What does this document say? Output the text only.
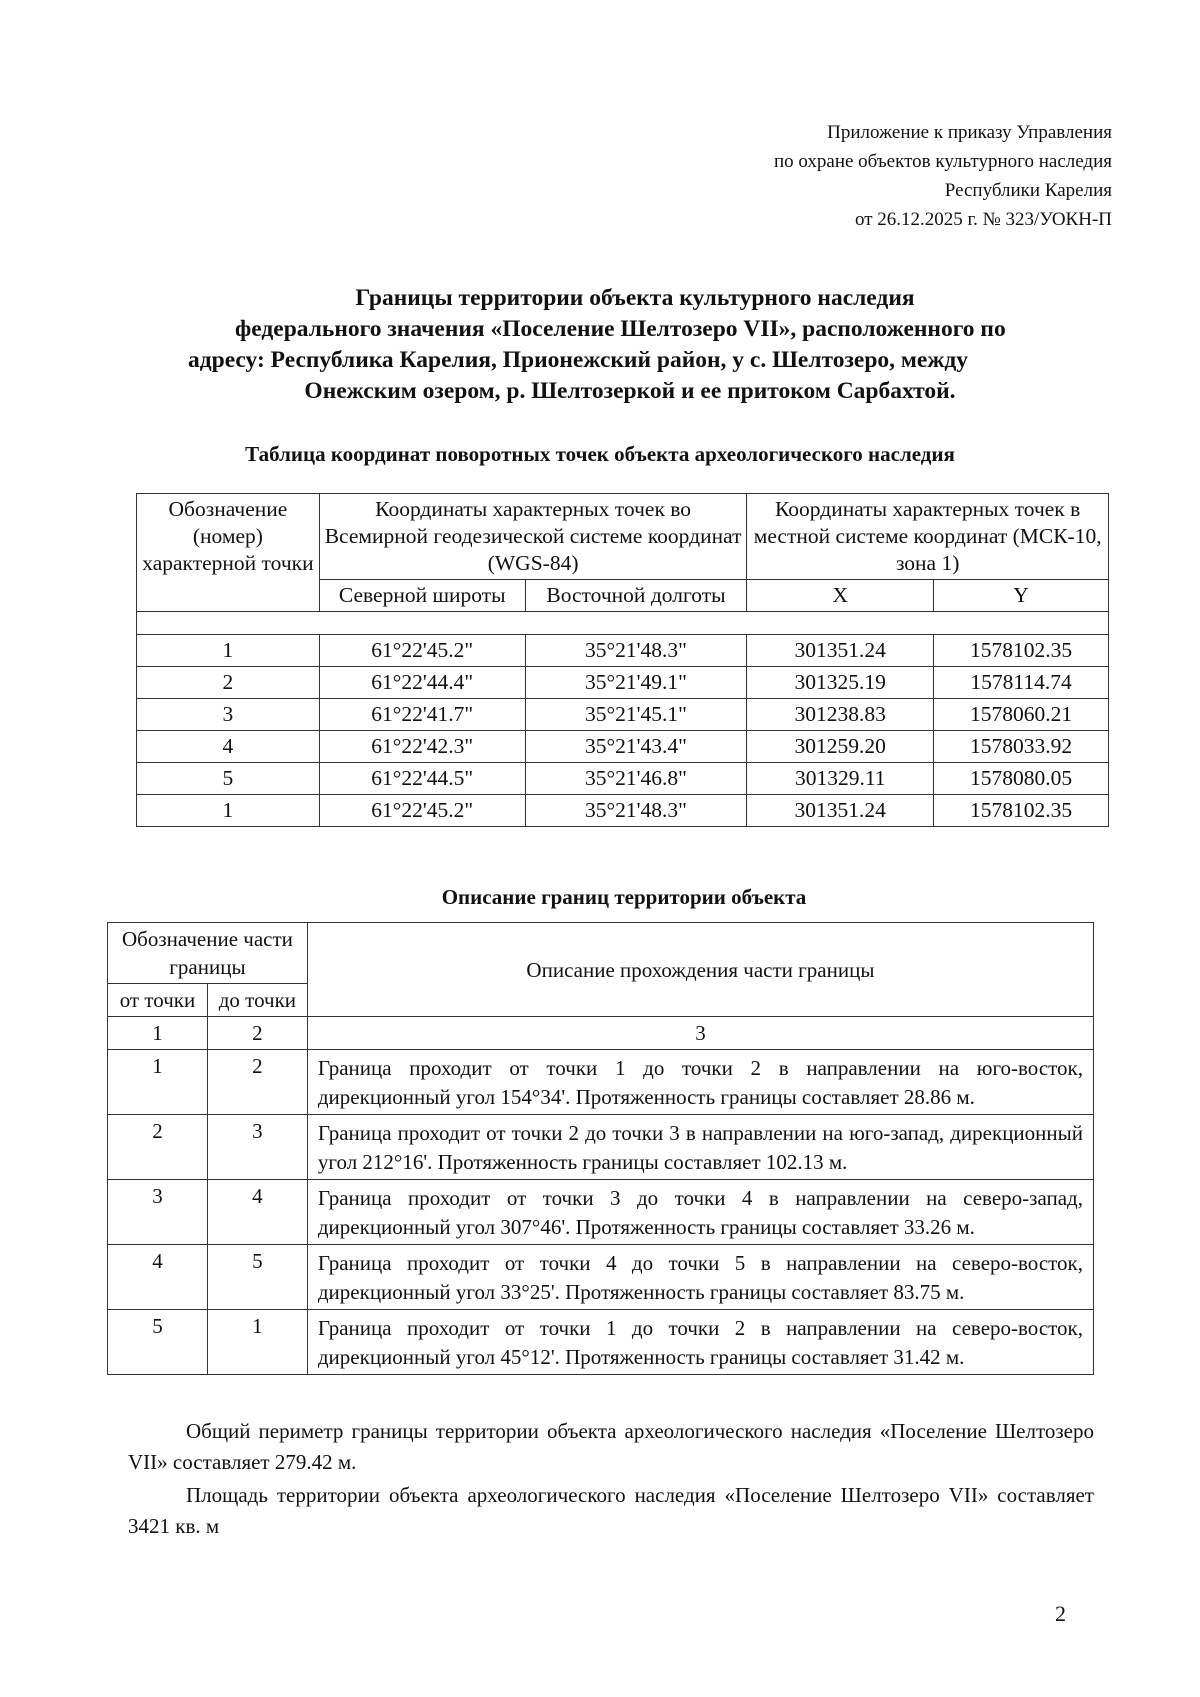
Приложение к приказу Управления
по охране объектов культурного наследия
Республики Карелия
от 26.12.2025 г. № 323/УОКН-П
Границы территории объекта культурного наследия
федерального значения «Поселение Шелтозеро VII», расположенного по
адресу: Республика Карелия, Прионежский район, у с. Шелтозеро, между
Онежским озером, р. Шелтозеркой и ее притоком Сарбахтой.
Таблица координат поворотных точек объекта археологического наследия
Обозначение (номер) характерной точки	Координаты характерных точек во Всемирной геодезической системе координат (WGS-84)		Координаты характерных точек в местной системе координат (МСК-10, зона 1)	
	Северной широты	Восточной долготы	X	Y

1	61°22'45.2"	35°21'48.3"	301351.24	1578102.35
2	61°22'44.4"	35°21'49.1"	301325.19	1578114.74
3	61°22'41.7"	35°21'45.1"	301238.83	1578060.21
4	61°22'42.3"	35°21'43.4"	301259.20	1578033.92
5	61°22'44.5"	35°21'46.8"	301329.11	1578080.05
1	61°22'45.2"	35°21'48.3"	301351.24	1578102.35
Описание границ территории объекта
Обозначение части границы		Описание прохождения части границы
от точки	до точки	
1	2	3
1	2	Граница проходит от точки 1 до точки 2 в направлении на юго-восток, дирекционный угол 154°34'. Протяженность границы составляет 28.86 м.
2	3	Граница проходит от точки 2 до точки 3 в направлении на юго-запад, дирекционный угол 212°16'. Протяженность границы составляет 102.13 м.
3	4	Граница проходит от точки 3 до точки 4 в направлении на северо-запад, дирекционный угол 307°46'. Протяженность границы составляет 33.26 м.
4	5	Граница проходит от точки 4 до точки 5 в направлении на северо-восток, дирекционный угол 33°25'. Протяженность границы составляет 83.75 м.
5	1	Граница проходит от точки 1 до точки 2 в направлении на северо-восток, дирекционный угол 45°12'. Протяженность границы составляет 31.42 м.
Общий периметр границы территории объекта археологического наследия «Поселение Шелтозеро VII» составляет 279.42 м.
Площадь территории объекта археологического наследия «Поселение Шелтозеро VII» составляет 3421 кв. м
2
